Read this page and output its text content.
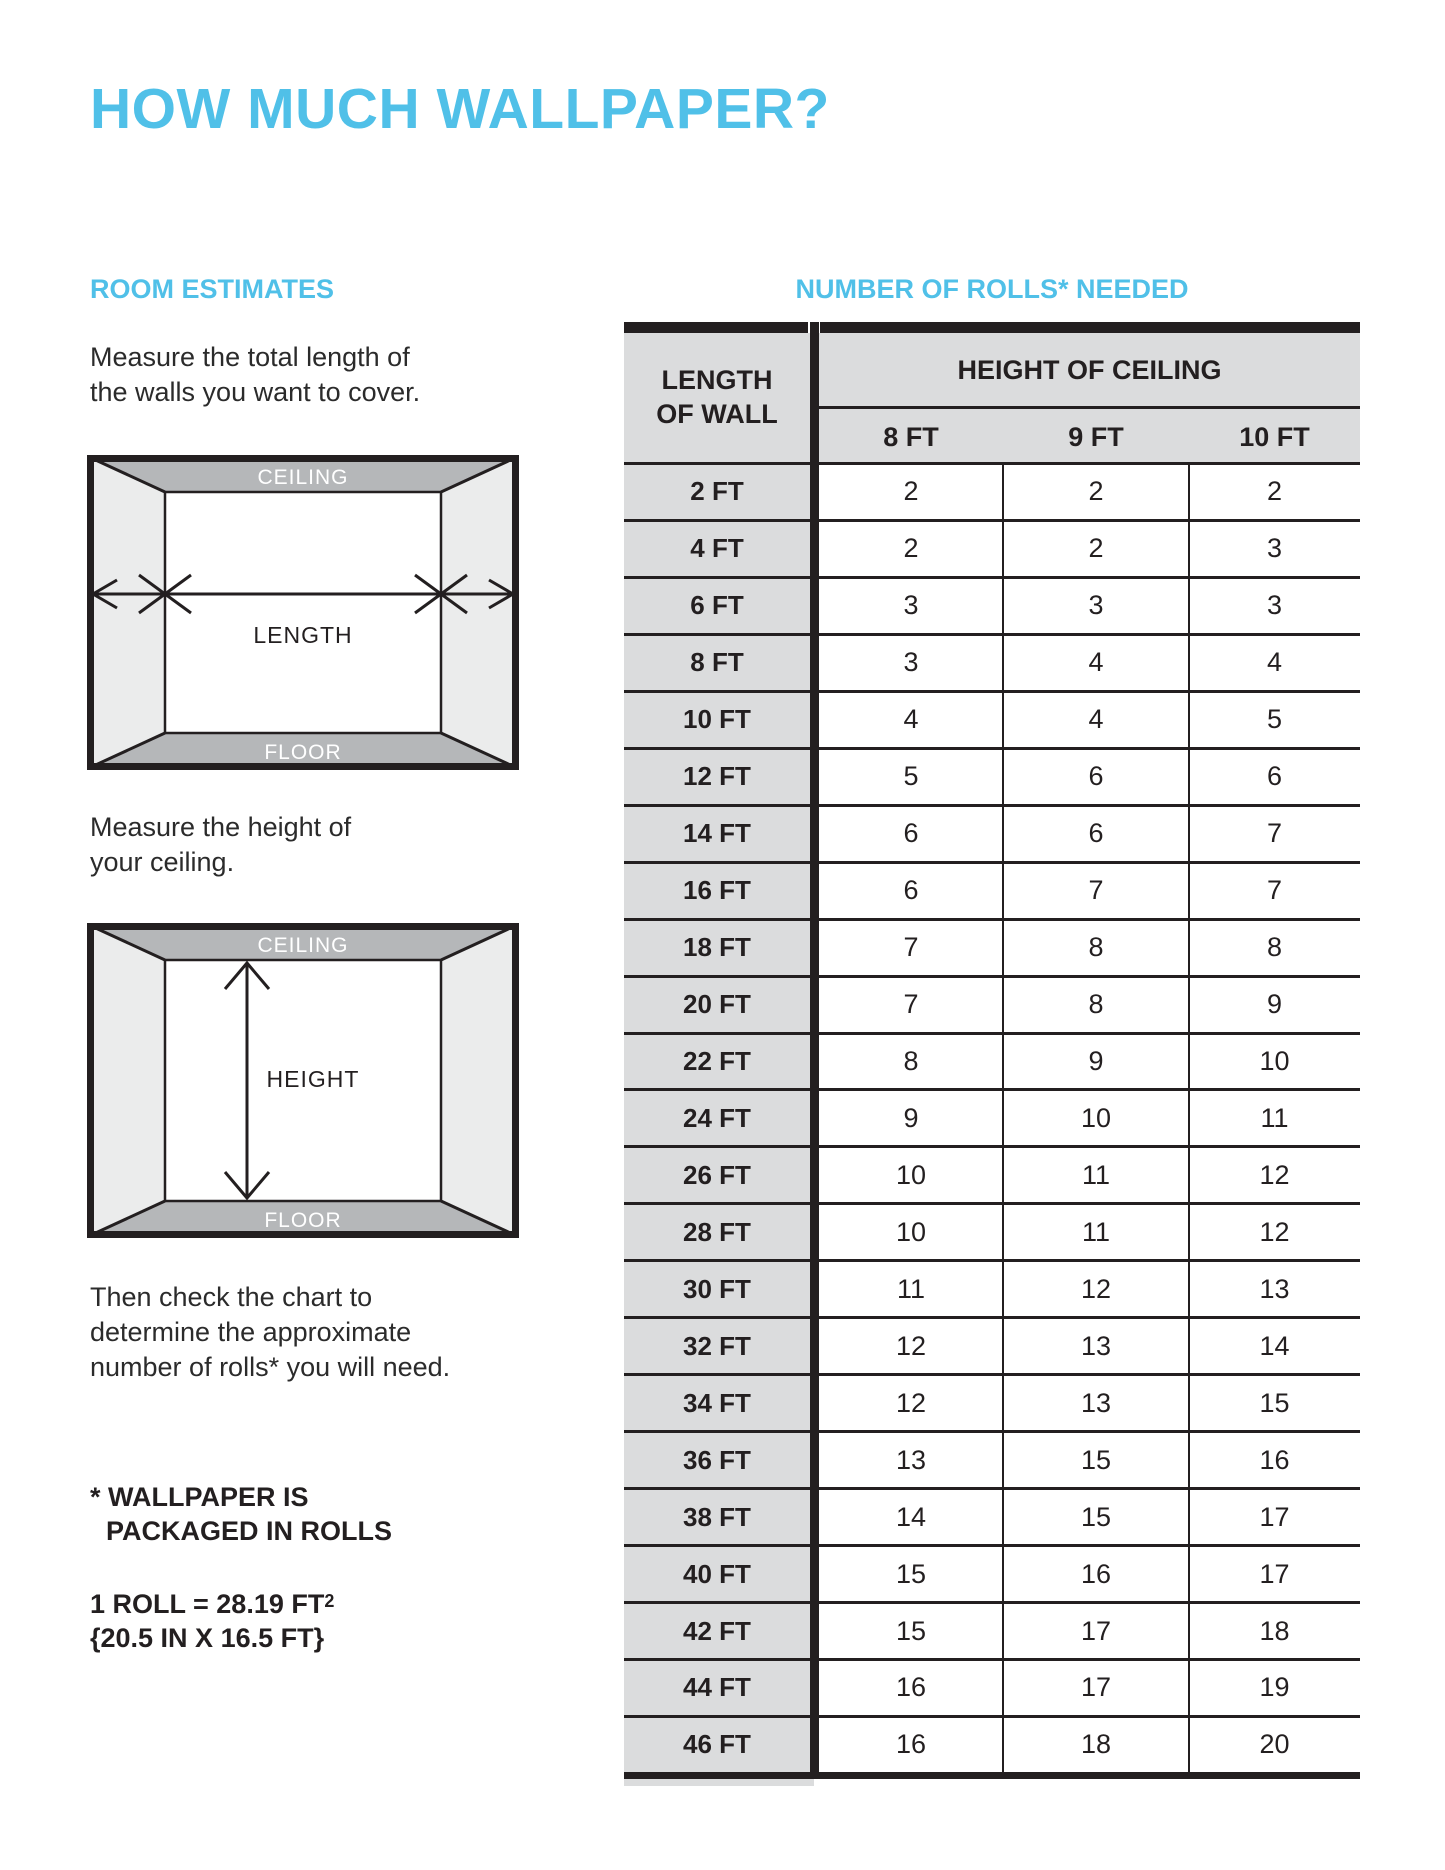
HOW MUCH WALLPAPER?
ROOM ESTIMATES
Measure the total length of
the walls you want to cover.
CEILING
FLOOR
LENGTH
Measure the height of
your ceiling.
CEILING
FLOOR
HEIGHT
Then check the chart to
determine the approximate
number of rolls* you will need.
* WALLPAPER IS
PACKAGED IN ROLLS
1 ROLL = 28.19 $FT^2$
{20.5 IN X 16.5 FT}
NUMBER OF ROLLS* NEEDED
LENGTH
OF WALL
HEIGHT OF CEILING
8 FT	9 FT	10 FT
2 FT	2	2	2
4 FT	2	2	3
6 FT	3	3	3
8 FT	3	4	4
10 FT	4	4	5
12 FT	5	6	6
14 FT	6	6	7
16 FT	6	7	7
18 FT	7	8	8
20 FT	7	8	9
22 FT	8	9	10
24 FT	9	10	11
26 FT	10	11	12
28 FT	10	11	12
30 FT	11	12	13
32 FT	12	13	14
34 FT	12	13	15
36 FT	13	15	16
38 FT	14	15	17
40 FT	15	16	17
42 FT	15	17	18
44 FT	16	17	19
46 FT	16	18	20
